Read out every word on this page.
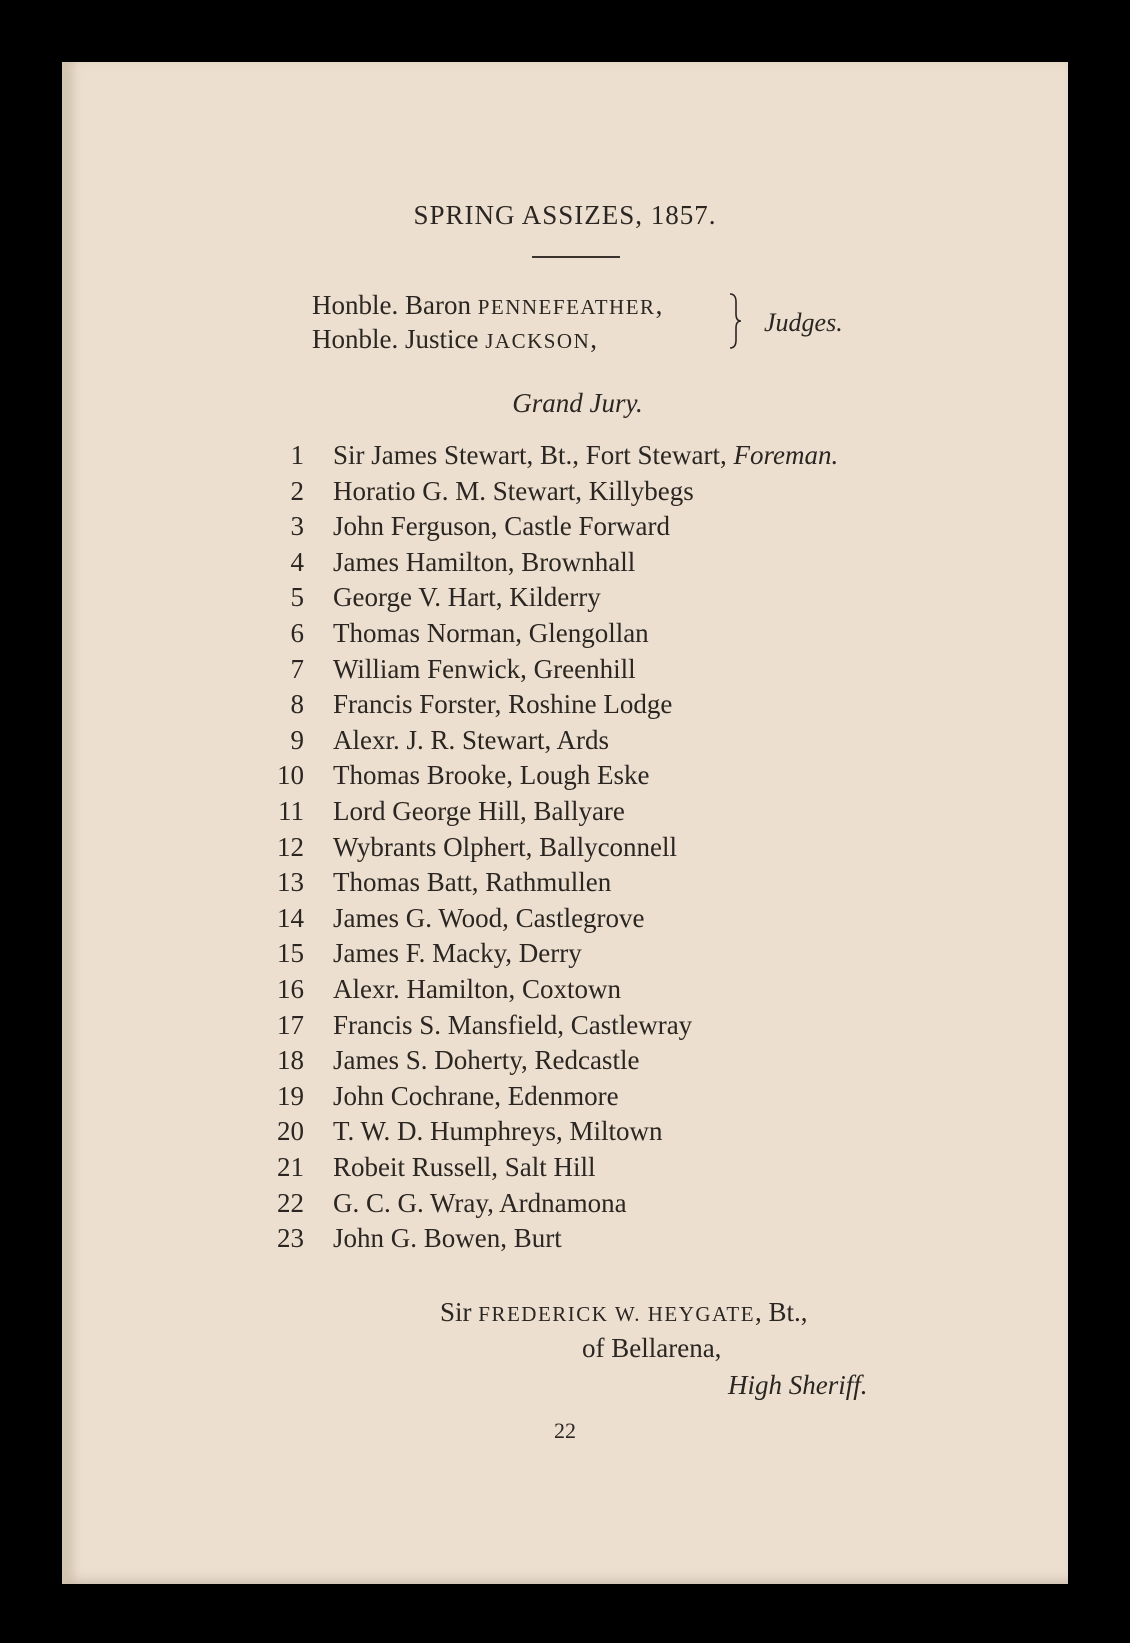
SPRING ASSIZES, 1857.
Honble. Baron PENNEFEATHER,
Honble. Justice JACKSON,
Judges.
Grand Jury.
1 Sir James Stewart, Bt., Fort Stewart, Foreman.
2 Horatio G. M. Stewart, Killybegs
3 John Ferguson, Castle Forward
4 James Hamilton, Brownhall
5 George V. Hart, Kilderry
6 Thomas Norman, Glengollan
7 William Fenwick, Greenhill
8 Francis Forster, Roshine Lodge
9 Alexr. J. R. Stewart, Ards
10 Thomas Brooke, Lough Eske
11 Lord George Hill, Ballyare
12 Wybrants Olphert, Ballyconnell
13 Thomas Batt, Rathmullen
14 James G. Wood, Castlegrove
15 James F. Macky, Derry
16 Alexr. Hamilton, Coxtown
17 Francis S. Mansfield, Castlewray
18 James S. Doherty, Redcastle
19 John Cochrane, Edenmore
20 T. W. D. Humphreys, Miltown
21 Robeit Russell, Salt Hill
22 G. C. G. Wray, Ardnamona
23 John G. Bowen, Burt
Sir FREDERICK W. HEYGATE, Bt.,
of Bellarena,
High Sheriff.
22
